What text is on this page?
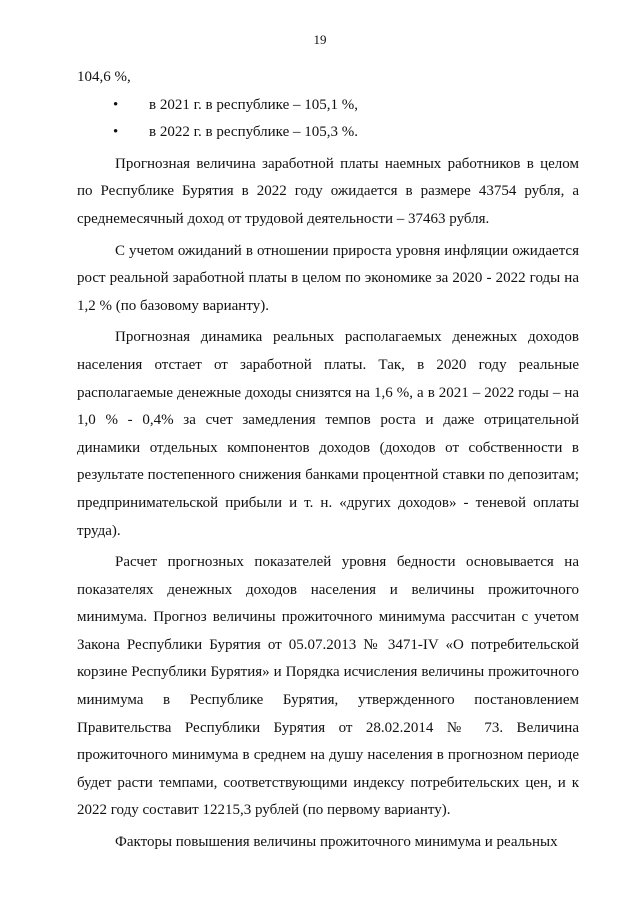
19

104,6 %,

• в 2021 г. в республике – 105,1 %,

• в 2022 г. в республике – 105,3 %.

Прогнозная величина заработной платы наемных работников в целом по Республике Бурятия в 2022 году ожидается в размере 43754 рубля, а среднемесячный доход от трудовой деятельности – 37463 рубля.

С учетом ожиданий в отношении прироста уровня инфляции ожидается рост реальной заработной платы в целом по экономике за 2020 - 2022 годы на 1,2 % (по базовому варианту).

Прогнозная динамика реальных располагаемых денежных доходов населения отстает от заработной платы. Так, в 2020 году реальные располагаемые денежные доходы снизятся на 1,6 %, а в 2021 – 2022 годы – на 1,0 % - 0,4% за счет замедления темпов роста и даже отрицательной динамики отдельных компонентов доходов (доходов от собственности в результате постепенного снижения банками процентной ставки по депозитам; предпринимательской прибыли и т. н. «других доходов» - теневой оплаты труда).

Расчет прогнозных показателей уровня бедности основывается на показателях денежных доходов населения и величины прожиточного минимума. Прогноз величины прожиточного минимума рассчитан с учетом Закона Республики Бурятия от 05.07.2013 № 3471-IV «О потребительской корзине Республики Бурятия» и Порядка исчисления величины прожиточного минимума в Республике Бурятия, утвержденного постановлением Правительства Республики Бурятия от 28.02.2014 № 73. Величина прожиточного минимума в среднем на душу населения в прогнозном периоде будет расти темпами, соответствующими индексу потребительских цен, и к 2022 году составит 12215,3 рублей (по первому варианту).

Факторы повышения величины прожиточного минимума и реальных
